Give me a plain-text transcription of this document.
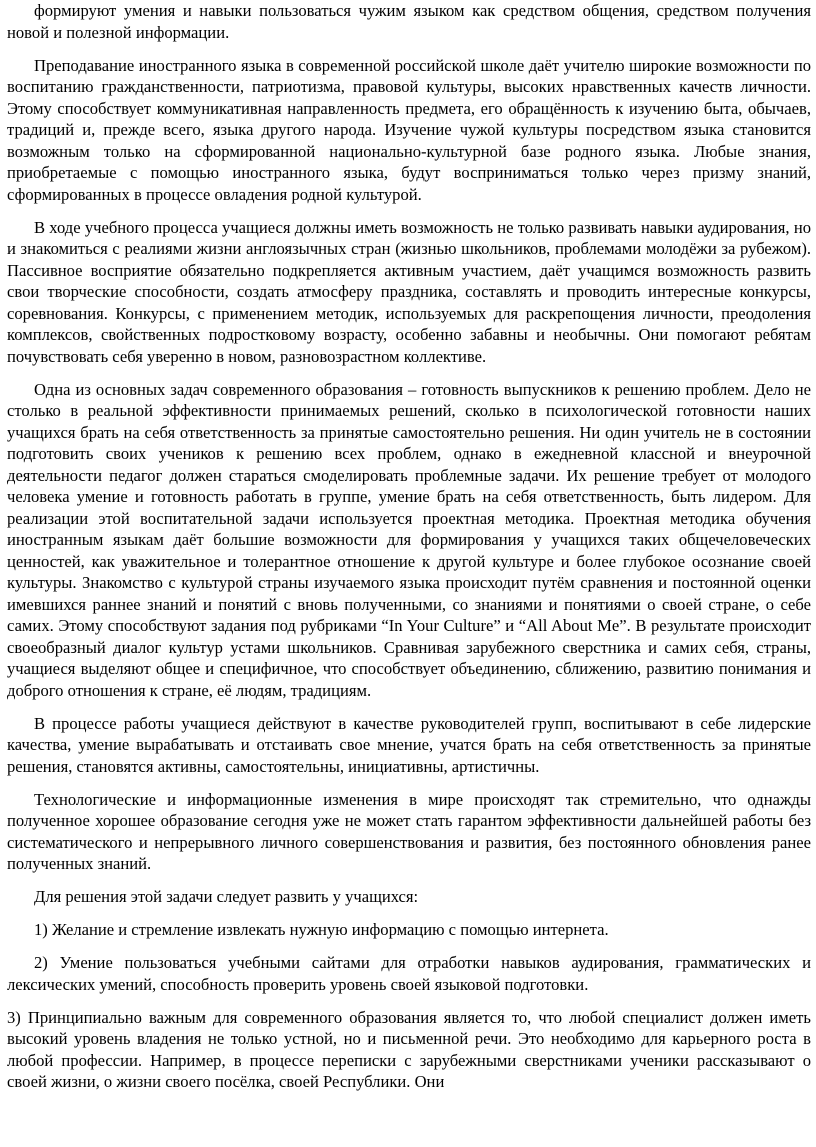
формируют умения и навыки пользоваться чужим языком как средством общения, средством получения новой и полезной информации.

Преподавание иностранного языка в современной российской школе даёт учителю широкие возможности по воспитанию гражданственности, патриотизма, правовой культуры, высоких нравственных качеств личности. Этому способствует коммуникативная направленность предмета, его обращённость к изучению быта, обычаев, традиций и, прежде всего, языка другого народа. Изучение чужой культуры посредством языка становится возможным только на сформированной национально-культурной базе родного языка. Любые знания, приобретаемые с помощью иностранного языка, будут восприниматься только через призму знаний, сформированных в процессе овладения родной культурой.

В ходе учебного процесса учащиеся должны иметь возможность не только развивать навыки аудирования, но и знакомиться с реалиями жизни англоязычных стран (жизнью школьников, проблемами молодёжи за рубежом). Пассивное восприятие обязательно подкрепляется активным участием, даёт учащимся возможность развить свои творческие способности, создать атмосферу праздника, составлять и проводить интересные конкурсы, соревнования. Конкурсы, с применением методик, используемых для раскрепощения личности, преодоления комплексов, свойственных подростковому возрасту, особенно забавны и необычны. Они помогают ребятам почувствовать себя уверенно в новом, разновозрастном коллективе.

Одна из основных задач современного образования – готовность выпускников к решению проблем. Дело не столько в реальной эффективности принимаемых решений, сколько в психологической готовности наших учащихся брать на себя ответственность за принятые самостоятельно решения. Ни один учитель не в состоянии подготовить своих учеников к решению всех проблем, однако в ежедневной классной и внеурочной деятельности педагог должен стараться смоделировать проблемные задачи. Их решение требует от молодого человека умение и готовность работать в группе, умение брать на себя ответственность, быть лидером. Для реализации этой воспитательной задачи используется проектная методика. Проектная методика обучения иностранным языкам даёт большие возможности для формирования у учащихся таких общечеловеческих ценностей, как уважительное и толерантное отношение к другой культуре и более глубокое осознание своей культуры. Знакомство с культурой страны изучаемого языка происходит путём сравнения и постоянной оценки имевшихся раннее знаний и понятий с вновь полученными, со знаниями и понятиями о своей стране, о себе самих. Этому способствуют задания под рубриками “In Your Culture” и “All About Me”. В результате происходит своеобразный диалог культур устами школьников. Сравнивая зарубежного сверстника и самих себя, страны, учащиеся выделяют общее и специфичное, что способствует объединению, сближению, развитию понимания и доброго отношения к стране, её людям, традициям.

В процессе работы учащиеся действуют в качестве руководителей групп, воспитывают в себе лидерские качества, умение вырабатывать и отстаивать свое мнение, учатся брать на себя ответственность за принятые решения, становятся активны, самостоятельны, инициативны, артистичны.

Технологические и информационные изменения в мире происходят так стремительно, что однажды полученное хорошее образование сегодня уже не может стать гарантом эффективности дальнейшей работы без систематического и непрерывного личного совершенствования и развития, без постоянного обновления ранее полученных знаний.

Для решения этой задачи следует развить у учащихся:

1) Желание и стремление извлекать нужную информацию с помощью интернета.

2) Умение пользоваться учебными сайтами для отработки навыков аудирования, грамматических и лексических умений, способность проверить уровень своей языковой подготовки.

3) Принципиально важным для современного образования является то, что любой специалист должен иметь высокий уровень владения не только устной, но и письменной речи. Это необходимо для карьерного роста в любой профессии. Например, в процессе переписки с зарубежными сверстниками ученики рассказывают о своей жизни, о жизни своего посёлка, своей Республики. Они
